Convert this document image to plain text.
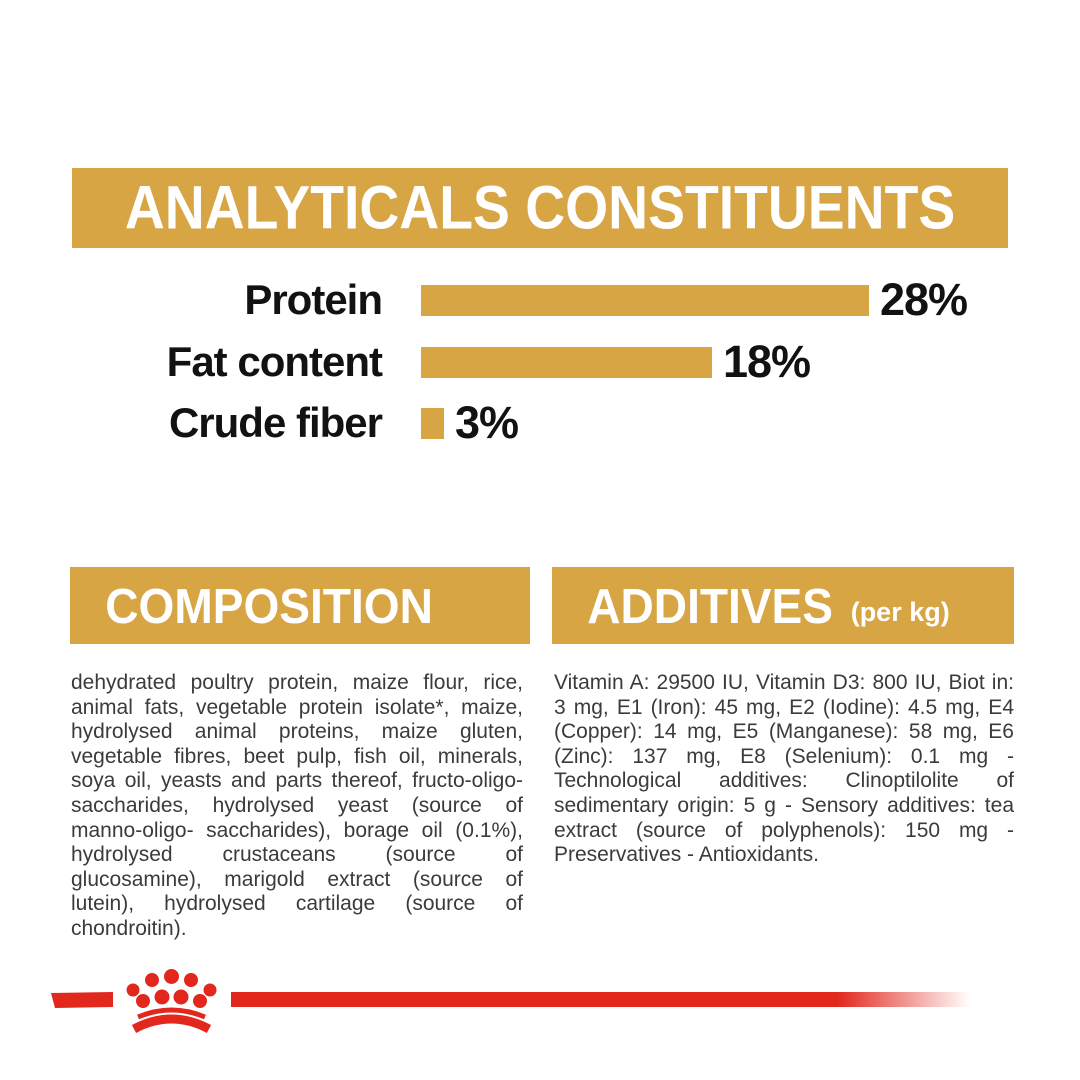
ANALYTICALS CONSTITUENTS
Protein	28%
Fat content	18%
Crude fiber 3%
COMPOSITION

dehydrated poultry protein, maize flour, rice, animal fats, vegetable protein isolate*, maize, hydrolysed animal proteins, maize gluten, vegetable fibres, beet pulp, fish oil, minerals, soya oil, yeasts and parts thereof, fructo-oligo-saccharides, hydrolysed yeast (source of manno-oligo- saccharides), borage oil (0.1%), hydrolysed crustaceans (source of glucosamine), marigold extract (source of lutein), hydrolysed cartilage (source of chondroitin).

ADDITIVES (per kg)

Vitamin A: 29500 IU, Vitamin D3: 800 IU, Biot in: 3 mg, E1 (Iron): 45 mg, E2 (Iodine): 4.5 mg, E4 (Copper): 14 mg, E5 (Manganese): 58 mg, E6 (Zinc): 137 mg, E8 (Selenium): 0.1 mg - Technological additives: Clinoptilolite of sedimentary origin: 5 g - Sensory additives: tea extract (source of polyphenols): 150 mg - Preservatives - Antioxidants.
